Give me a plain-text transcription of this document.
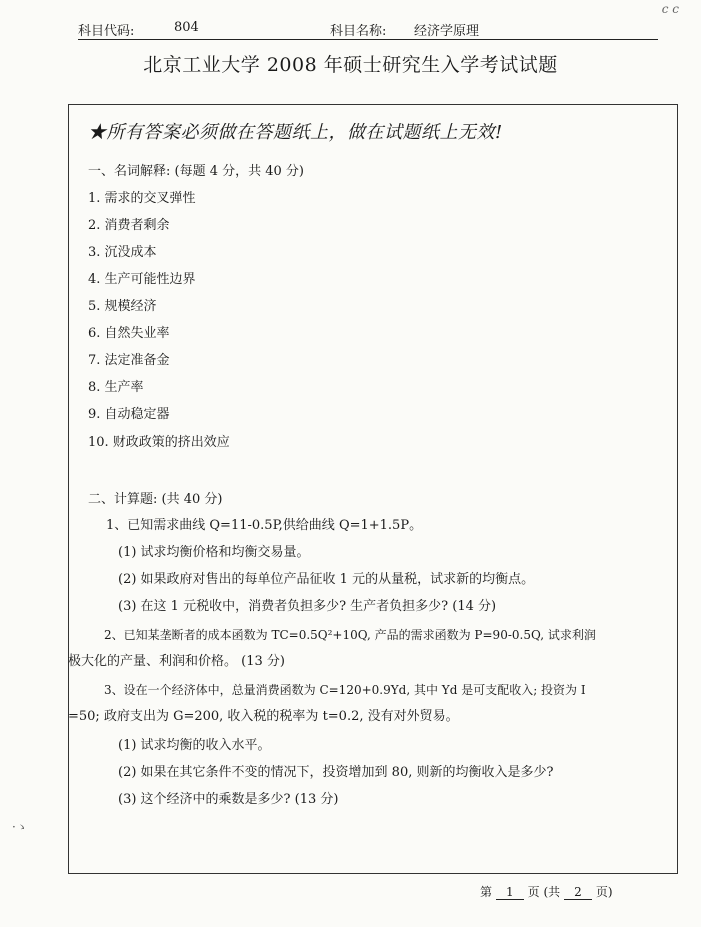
科目代码:	804	科目名称: 经济学原理
c c
北京工业大学 2008 年硕士研究生入学考试试题
★所有答案必须做在答题纸上，做在试题纸上无效!
一、名词解释: (每题 4 分，共 40 分)
1. 需求的交叉弹性
2. 消费者剩余
3. 沉没成本
4. 生产可能性边界
5. 规模经济
6. 自然失业率
7. 法定准备金
8. 生产率
9. 自动稳定器
10. 财政政策的挤出效应
二、计算题: (共 40 分)
1、已知需求曲线 Q=11-0.5P,供给曲线 Q=1+1.5P。
(1) 试求均衡价格和均衡交易量。
(2) 如果政府对售出的每单位产品征收 1 元的从量税，试求新的均衡点。
(3) 在这 1 元税收中，消费者负担多少? 生产者负担多少? (14 分)
2、已知某垄断者的成本函数为 TC=0.5Q²+10Q, 产品的需求函数为 P=90-0.5Q, 试求利润
极大化的产量、利润和价格。 (13 分)
3、设在一个经济体中，总量消费函数为 C=120+0.9Yd, 其中 Yd 是可支配收入; 投资为 I
=50; 政府支出为 G=200, 收入税的税率为 t=0.2, 没有对外贸易。
(1) 试求均衡的收入水平。
(2) 如果在其它条件不变的情况下，投资增加到 80, 则新的均衡收入是多少?
(3) 这个经济中的乘数是多少? (13 分)
·ゝ
第 1 页 (共 2 页)
